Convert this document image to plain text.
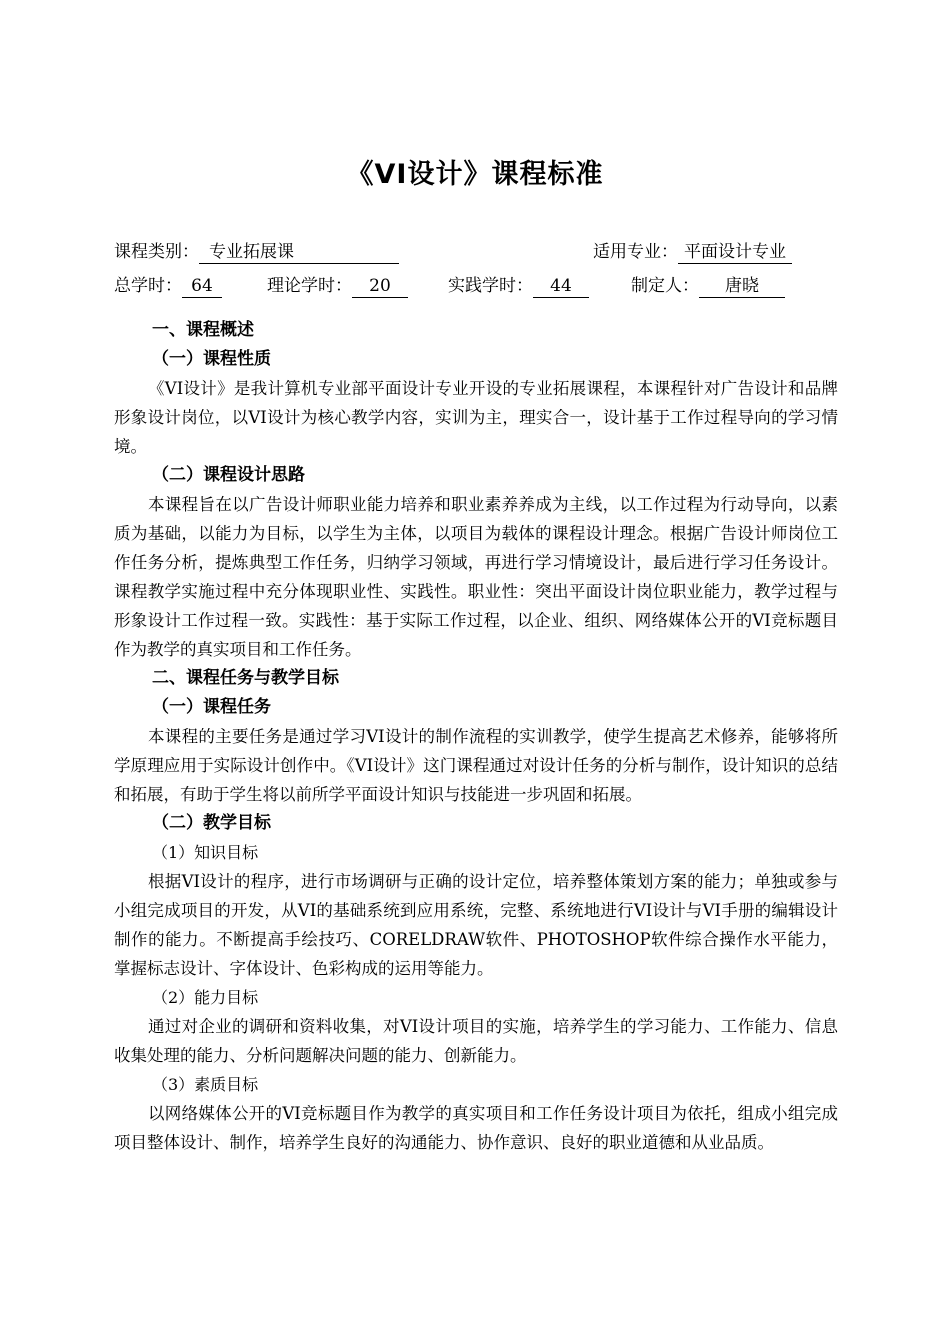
《VI设计》课程标准
课程类别： 专业拓展课	适用专业： 平面设计专业
总学时： 64	理论学时： 20	实践学时： 44	制定人： 唐晓
一、课程概述
（一）课程性质

《VI设计》是我计算机专业部平面设计专业开设的专业拓展课程，本课程针对广告设计和品牌形象设计岗位，以VI设计为核心教学内容，实训为主，理实合一，设计基于工作过程导向的学习情境。

（二）课程设计思路

本课程旨在以广告设计师职业能力培养和职业素养养成为主线，以工作过程为行动导向，以素质为基础，以能力为目标，以学生为主体，以项目为载体的课程设计理念。根据广告设计师岗位工作任务分析，提炼典型工作任务，归纳学习领域，再进行学习情境设计，最后进行学习任务设计。课程教学实施过程中充分体现职业性、实践性。职业性：突出平面设计岗位职业能力，教学过程与形象设计工作过程一致。实践性：基于实际工作过程，以企业、组织、网络媒体公开的VI竞标题目作为教学的真实项目和工作任务。

二、课程任务与教学目标
（一）课程任务

本课程的主要任务是通过学习VI设计的制作流程的实训教学，使学生提高艺术修养，能够将所学原理应用于实际设计创作中。《VI设计》这门课程通过对设计任务的分析与制作，设计知识的总结和拓展，有助于学生将以前所学平面设计知识与技能进一步巩固和拓展。

（二）教学目标
（1）知识目标

根据VI设计的程序，进行市场调研与正确的设计定位，培养整体策划方案的能力；单独或参与小组完成项目的开发，从VI的基础系统到应用系统，完整、系统地进行VI设计与VI手册的编辑设计制作的能力。不断提高手绘技巧、CORELDRAW软件、PHOTOSHOP软件综合操作水平能力，掌握标志设计、字体设计、色彩构成的运用等能力。

（2）能力目标

通过对企业的调研和资料收集，对VI设计项目的实施，培养学生的学习能力、工作能力、信息收集处理的能力、分析问题解决问题的能力、创新能力。

（3）素质目标

以网络媒体公开的VI竞标题目作为教学的真实项目和工作任务设计项目为依托，组成小组完成项目整体设计、制作，培养学生良好的沟通能力、协作意识、良好的职业道德和从业品质。
